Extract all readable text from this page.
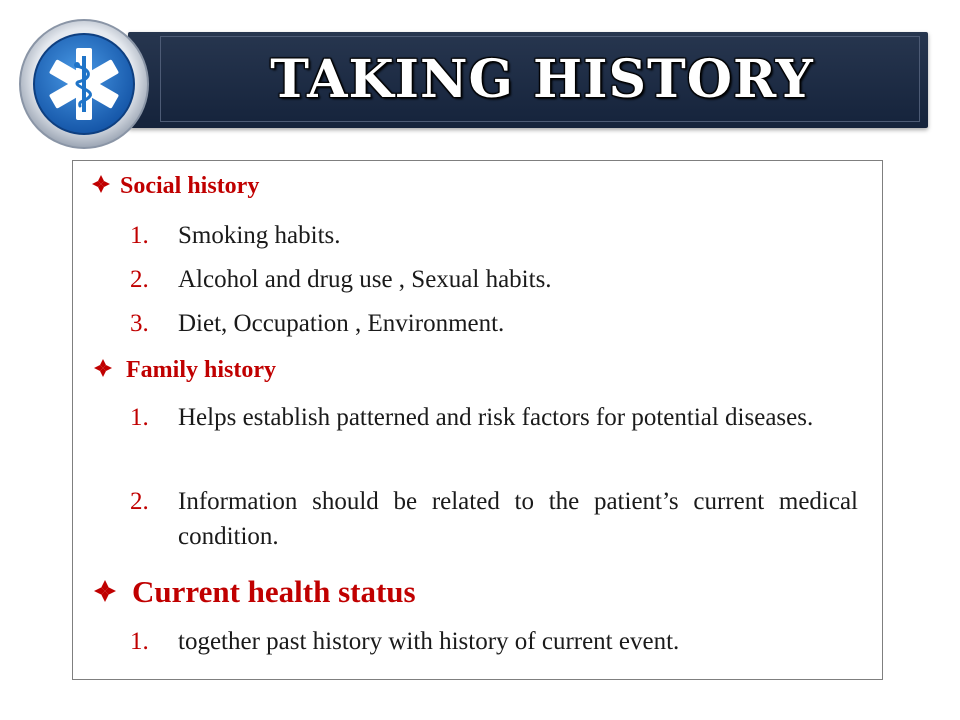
TAKING HISTORY
Social history
1. Smoking habits.
2. Alcohol and drug use , Sexual habits.
3. Diet, Occupation , Environment.
Family history
1. Helps establish patterned and risk factors for potential diseases.
2. Information should be related to the patient’s current medical condition.
Current health status
1. together past history with history of current event.
